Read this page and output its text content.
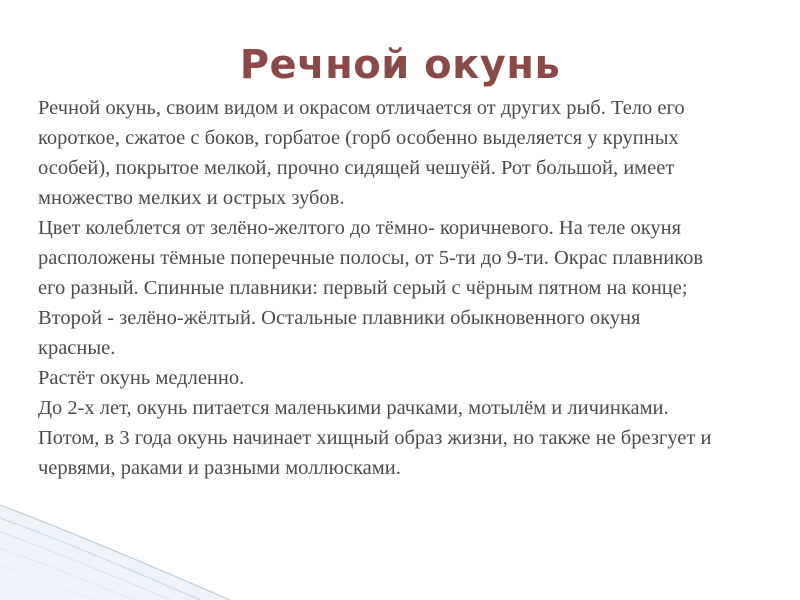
Речной окунь
Речной окунь, своим видом и окрасом отличается от других рыб. Тело его
короткое, сжатое с боков, горбатое (горб особенно выделяется у крупных
особей), покрытое мелкой, прочно сидящей чешуёй. Рот большой, имеет
множество мелких и острых зубов.
Цвет колеблется от зелёно-желтого до тёмно- коричневого. На теле окуня
расположены тёмные поперечные полосы, от 5-ти до 9-ти. Окрас плавников
его разный. Спинные плавники: первый серый с чёрным пятном на конце;
Второй - зелёно-жёлтый. Остальные плавники обыкновенного окуня
красные.
Растёт окунь медленно.
До 2-х лет, окунь питается маленькими рачками, мотылём и личинками.
Потом, в 3 года окунь начинает хищный образ жизни, но также не брезгует и
червями, раками и разными моллюсками.
